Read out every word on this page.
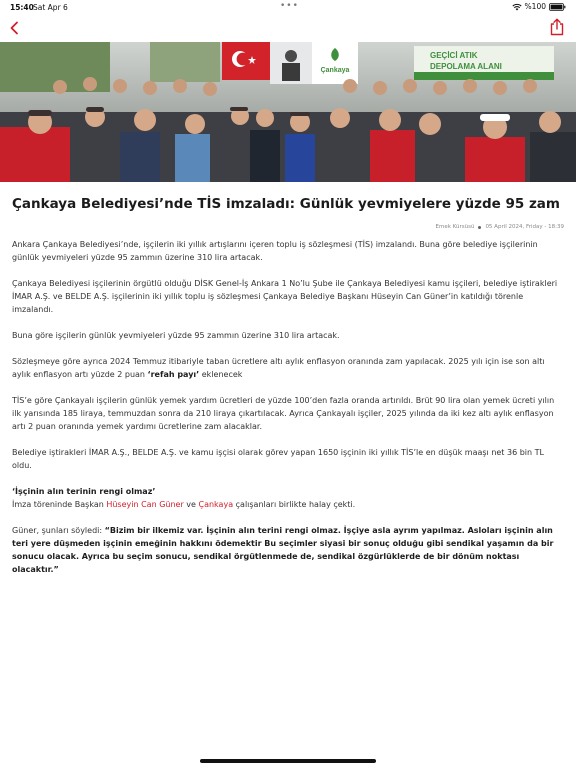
15:40 Sat Apr 6	•••	%100
Çankaya
GEÇİCİ ATIK
DEPOLAMA ALANI
Çankaya Belediyesi’nde TİS imzaladı: Günlük yevmiyelere yüzde 95 zam
Emek Kürsüsü 05 April 2024, Friday - 18:39

Ankara Çankaya Belediyesi’nde, işçilerin iki yıllık artışlarını içeren toplu iş sözleşmesi (TİS) imzalandı. Buna göre belediye işçilerinin günlük yevmiyeleri yüzde 95 zammın üzerine 310 lira artacak.

Çankaya Belediyesi işçilerinin örgütlü olduğu DİSK Genel-İş Ankara 1 No’lu Şube ile Çankaya Belediyesi kamu işçileri, belediye iştirakleri İMAR A.Ş. ve BELDE A.Ş. işçilerinin iki yıllık toplu iş sözleşmesi Çankaya Belediye Başkanı Hüseyin Can Güner’in katıldığı törenle imzalandı.

Buna göre işçilerin günlük yevmiyeleri yüzde 95 zammın üzerine 310 lira artacak.

Sözleşmeye göre ayrıca 2024 Temmuz itibariyle taban ücretlere altı aylık enflasyon oranında zam yapılacak. 2025 yılı için ise son altı aylık enflasyon artı yüzde 2 puan ‘refah payı’ eklenecek

TİS’e göre Çankayalı işçilerin günlük yemek yardım ücretleri de yüzde 100’den fazla oranda artırıldı. Brüt 90 lira olan yemek ücreti yılın ilk yarısında 185 liraya, temmuzdan sonra da 210 liraya çıkartılacak. Ayrıca Çankayalı işçiler, 2025 yılında da iki kez altı aylık enflasyon artı 2 puan oranında yemek yardımı ücretlerine zam alacaklar.

Belediye iştirakleri İMAR A.Ş., BELDE A.Ş. ve kamu işçisi olarak görev yapan 1650 işçinin iki yıllık TİS’le en düşük maaşı net 36 bin TL oldu.

‘İşçinin alın terinin rengi olmaz’
İmza töreninde Başkan Hüseyin Can Güner ve Çankaya çalışanları birlikte halay çekti.

Güner, şunları söyledi: “Bizim bir ilkemiz var. İşçinin alın terini rengi olmaz. İşçiye asla ayrım yapılmaz. Asloları işçinin alın teri yere düşmeden işçinin emeğinin hakkını ödemektir Bu seçimler siyasi bir sonuç olduğu gibi sendikal yaşamın da bir sonucu olacak. Ayrıca bu seçim sonucu, sendikal örgütlenmede de, sendikal özgürlüklerde de bir dönüm noktası olacaktır.”
